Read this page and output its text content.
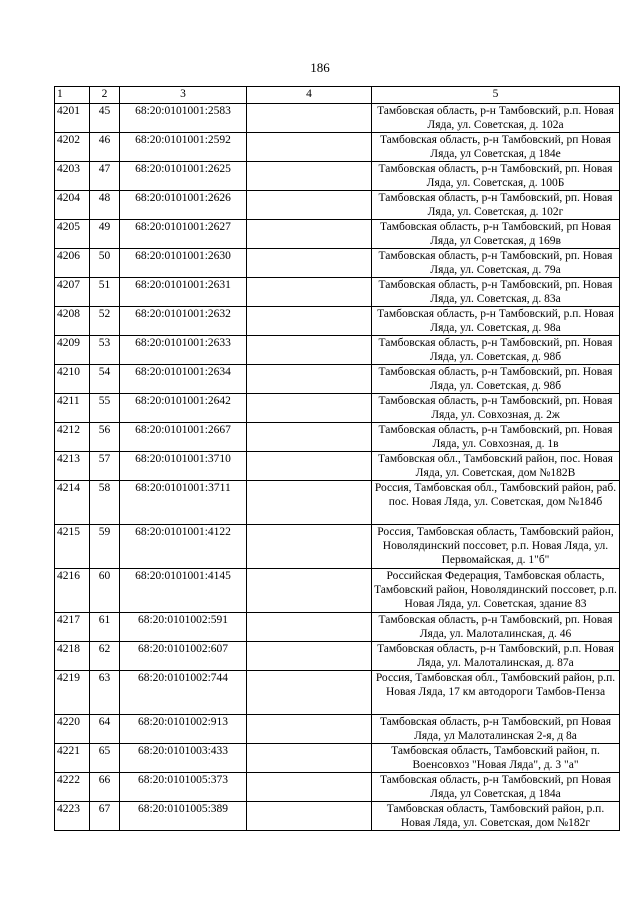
186
1	2	3	4	5
4201	45	68:20:0101001:2583		Тамбовская область, р-н Тамбовский, р.п. Новая Ляда, ул. Советская, д. 102а
4202	46	68:20:0101001:2592		Тамбовская область, р-н Тамбовский, рп Новая Ляда, ул Советская, д 184е
4203	47	68:20:0101001:2625		Тамбовская область, р-н Тамбовский, рп. Новая Ляда, ул. Советская, д. 100Б
4204	48	68:20:0101001:2626		Тамбовская область, р-н Тамбовский, рп. Новая Ляда, ул. Советская, д. 102г
4205	49	68:20:0101001:2627		Тамбовская область, р-н Тамбовский, рп Новая Ляда, ул Советская, д 169в
4206	50	68:20:0101001:2630		Тамбовская область, р-н Тамбовский, рп. Новая Ляда, ул. Советская, д. 79а
4207	51	68:20:0101001:2631		Тамбовская область, р-н Тамбовский, рп. Новая Ляда, ул. Советская, д. 83а
4208	52	68:20:0101001:2632		Тамбовская область, р-н Тамбовский, р.п. Новая Ляда, ул. Советская, д. 98а
4209	53	68:20:0101001:2633		Тамбовская область, р-н Тамбовский, рп. Новая Ляда, ул. Советская, д. 98б
4210	54	68:20:0101001:2634		Тамбовская область, р-н Тамбовский, рп. Новая Ляда, ул. Советская, д. 98б
4211	55	68:20:0101001:2642		Тамбовская область, р-н Тамбовский, рп. Новая Ляда, ул. Совхозная, д. 2ж
4212	56	68:20:0101001:2667		Тамбовская область, р-н Тамбовский, рп. Новая Ляда, ул. Совхозная, д. 1в
4213	57	68:20:0101001:3710		Тамбовская обл., Тамбовский район, пос. Новая Ляда, ул. Советская, дом №182В
4214	58	68:20:0101001:3711		Россия, Тамбовская обл., Тамбовский район, раб. пос. Новая Ляда, ул. Советская, дом №184б
4215	59	68:20:0101001:4122		Россия, Тамбовская область, Тамбовский район, Новолядинский поссовет, р.п. Новая Ляда, ул. Первомайская, д. 1"б"
4216	60	68:20:0101001:4145		Российская Федерация, Тамбовская область, Тамбовский район, Новолядинский поссовет, р.п. Новая Ляда, ул. Советская, здание 83
4217	61	68:20:0101002:591		Тамбовская область, р-н Тамбовский, рп. Новая Ляда, ул. Малоталинская, д. 46
4218	62	68:20:0101002:607		Тамбовская область, р-н Тамбовский, р.п. Новая Ляда, ул. Малоталинская, д. 87а
4219	63	68:20:0101002:744		Россия, Тамбовская обл., Тамбовский район, р.п. Новая Ляда, 17 км автодороги Тамбов-Пенза
4220	64	68:20:0101002:913		Тамбовская область, р-н Тамбовский, рп Новая Ляда, ул Малоталинская 2-я, д 8а
4221	65	68:20:0101003:433		Тамбовская область, Тамбовский район, п. Военсовхоз "Новая Ляда", д. 3 "а"
4222	66	68:20:0101005:373		Тамбовская область, р-н Тамбовский, рп Новая Ляда, ул Советская, д 184а
4223	67	68:20:0101005:389		Тамбовская область, Тамбовский район, р.п. Новая Ляда, ул. Советская, дом №182г
